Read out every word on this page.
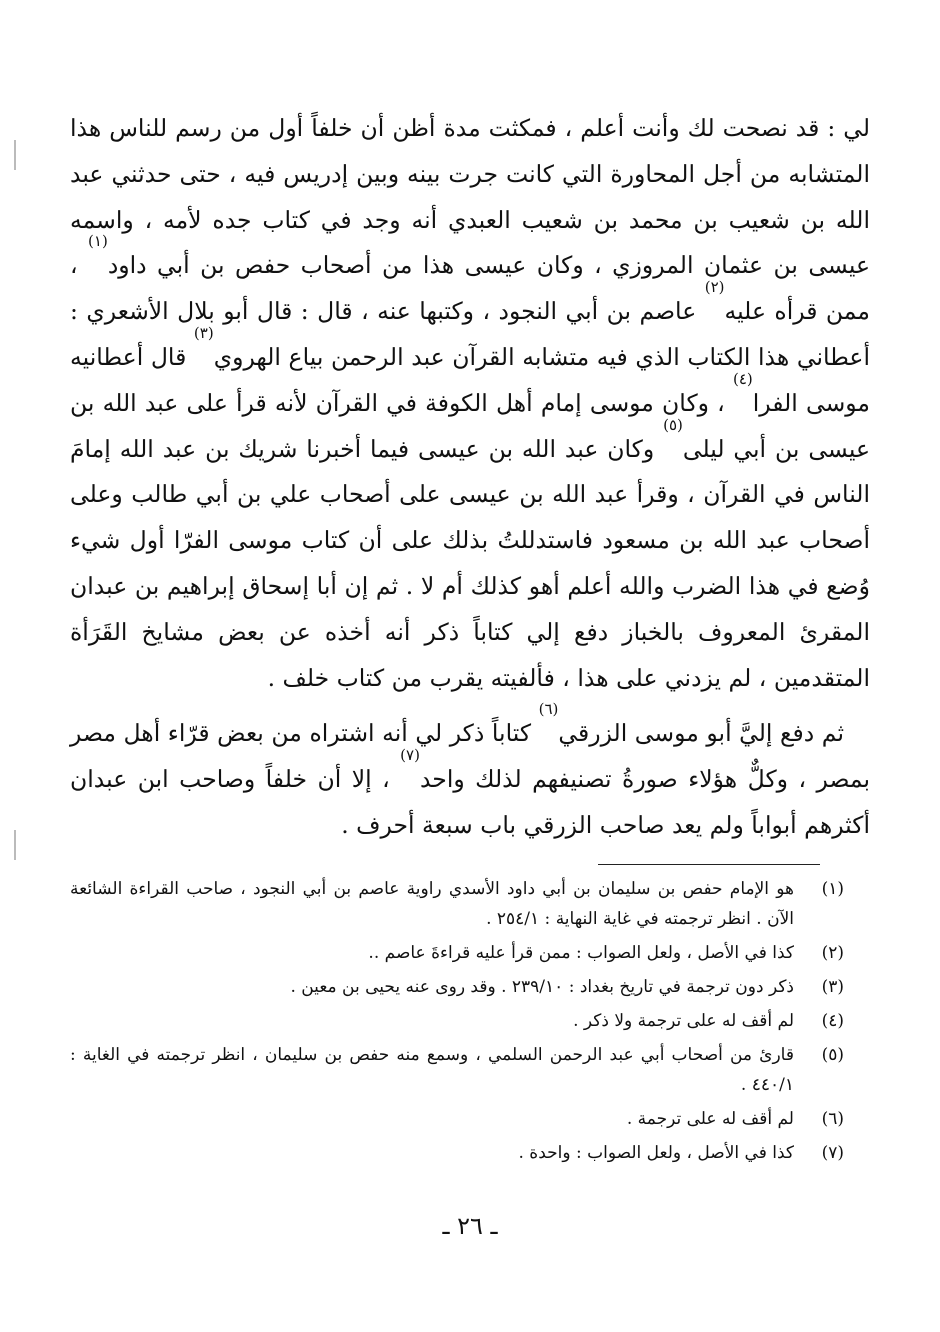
لي : قد نصحت لك وأنت أعلم ، فمكثت مدة أظن أن خلفاً أول من رسم للناس هذا المتشابه من أجل المحاورة التي كانت جرت بينه وبين إدريس فيه ، حتى حدثني عبد الله بن شعيب بن محمد بن شعيب العبدي أنه وجد في كتاب جده لأمه ، واسمه عيسى بن عثمان المروزي ، وكان عيسى هذا من أصحاب حفص بن أبي داود$^{(١)}$ ، ممن قرأه عليه$^{(٢)}$ عاصم بن أبي النجود ، وكتبها عنه ، قال : قال أبو بلال الأشعري : أعطاني هذا الكتاب الذي فيه متشابه القرآن عبد الرحمن بياع الهروي$^{(٣)}$ قال أعطانيه موسى الفرا$^{(٤)}$ ، وكان موسى إمام أهل الكوفة في القرآن لأنه قرأ على عبد الله بن عيسى بن أبي ليلى$^{(٥)}$ وكان عبد الله بن عيسى فيما أخبرنا شريك بن عبد الله إمامَ الناس في القرآن ، وقرأ عبد الله بن عيسى على أصحاب علي بن أبي طالب وعلى أصحاب عبد الله بن مسعود فاستدللتُ بذلك على أن كتاب موسى الفرّا أول شيء وُضع في هذا الضرب والله أعلم أهو كذلك أم لا . ثم إن أبا إسحاق إبراهيم بن عبدان المقرئ المعروف بالخباز دفع إلي كتاباً ذكر أنه أخذه عن بعض مشايخ القَرَأة المتقدمين ، لم يزدني على هذا ، فألفيته يقرب من كتاب خلف .

ثم دفع إليَّ أبو موسى الزرقي$^{(٦)}$ كتاباً ذكر لي أنه اشتراه من بعض قرّاء أهل مصر بمصر ، وكلٌّ هؤلاء صورةُ تصنيفهم لذلك واحد$^{(٧)}$ ، إلا أن خلفاً وصاحب ابن عبدان أكثرهم أبواباً ولم يعد صاحب الزرقي باب سبعة أحرف .

(١)
هو الإمام حفص بن سليمان بن أبي داود الأسدي راوية عاصم بن أبي النجود ، صاحب القراءة الشائعة الآن . انظر ترجمته في غاية النهاية : ٢٥٤/١ .
(٢)
كذا في الأصل ، ولعل الصواب : ممن قرأ عليه قراءةَ عاصم ..
(٣)
ذكر دون ترجمة في تاريخ بغداد : ٢٣٩/١٠ . وقد روى عنه يحيى بن معين .
(٤)
لم أقف له على ترجمة ولا ذكر .
(٥)
قارئ من أصحاب أبي عبد الرحمن السلمي ، وسمع منه حفص بن سليمان ، انظر ترجمته في الغاية : ٤٤٠/١ .
(٦)
لم أقف له على ترجمة .
(٧)
كذا في الأصل ، ولعل الصواب : واحدة .
ـ ٢٦ ـ
